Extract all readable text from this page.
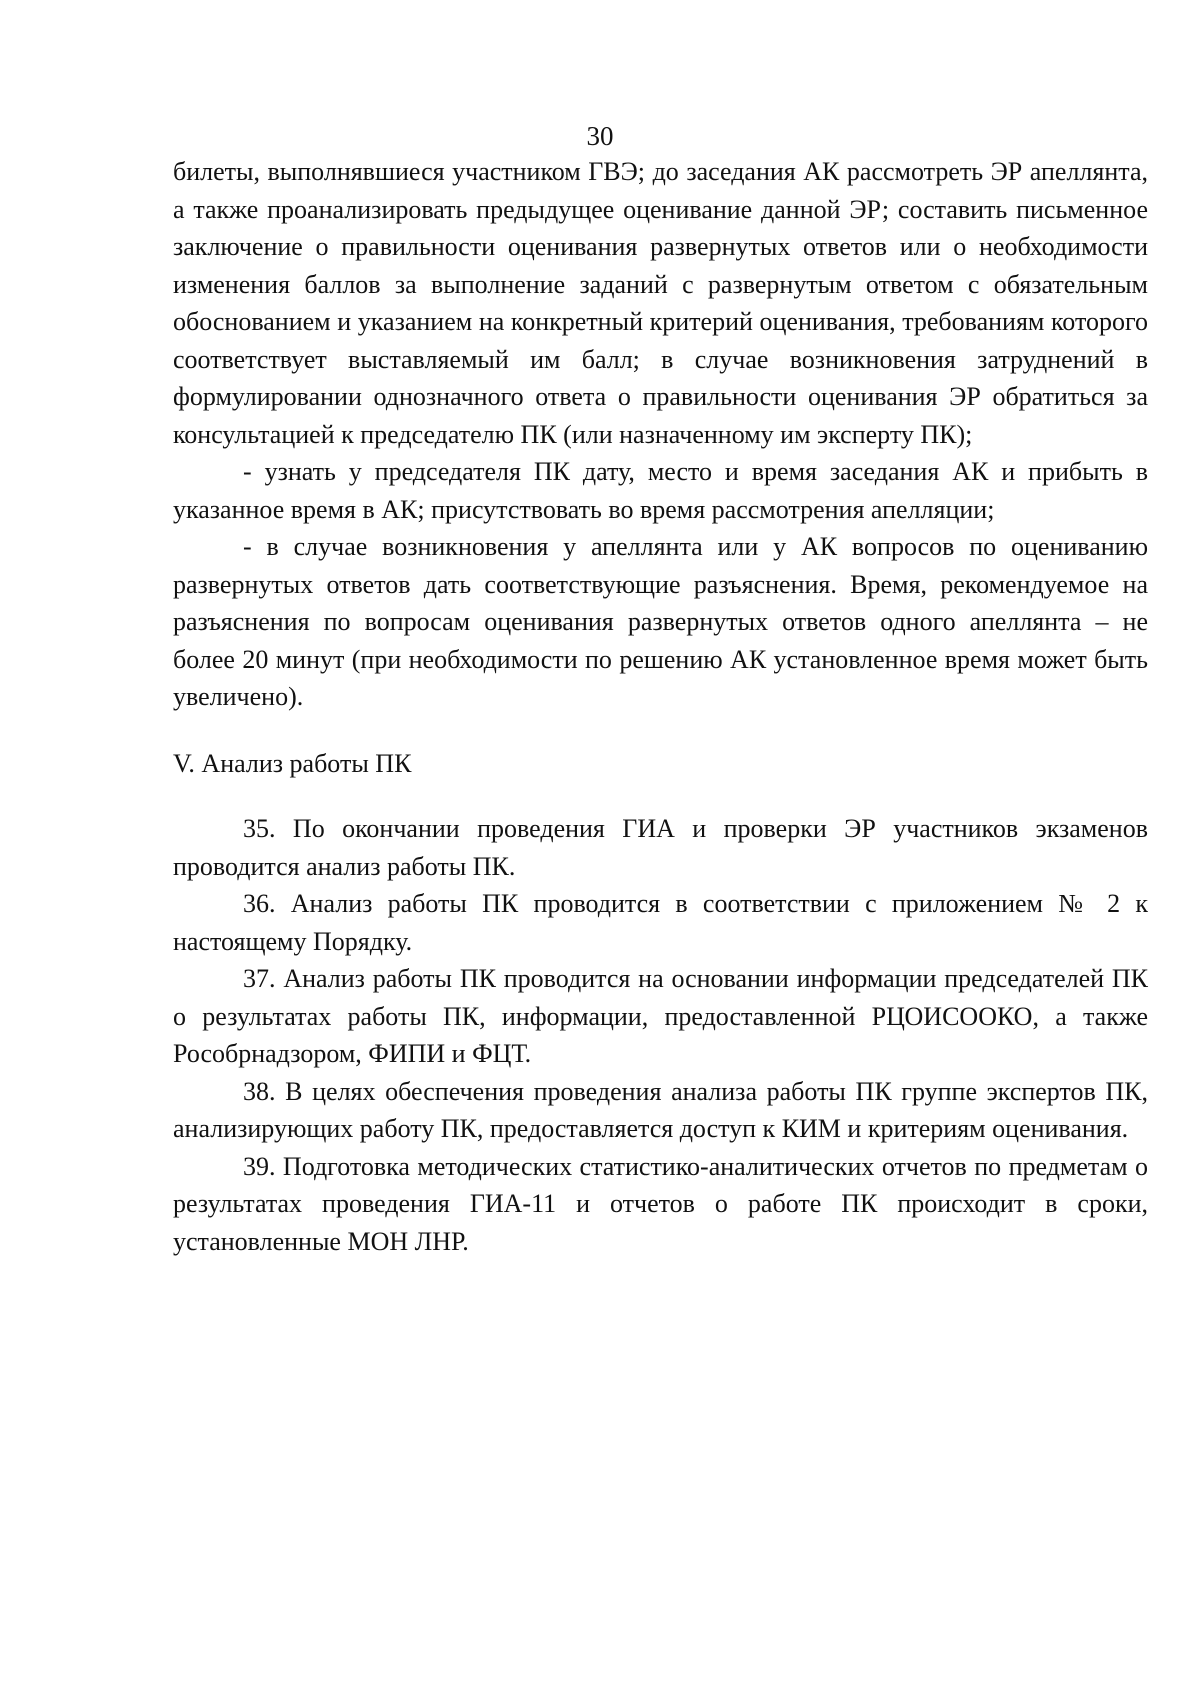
30

билеты, выполнявшиеся участником ГВЭ; до заседания АК рассмотреть ЭР апеллянта, а также проанализировать предыдущее оценивание данной ЭР; составить письменное заключение о правильности оценивания развернутых ответов или о необходимости изменения баллов за выполнение заданий с развернутым ответом с обязательным обоснованием и указанием на конкретный критерий оценивания, требованиям которого соответствует выставляемый им балл; в случае возникновения затруднений в формулировании однозначного ответа о правильности оценивания ЭР обратиться за консультацией к председателю ПК (или назначенному им эксперту ПК);

- узнать у председателя ПК дату, место и время заседания АК и прибыть в указанное время в АК; присутствовать во время рассмотрения апелляции;

- в случае возникновения у апеллянта или у АК вопросов по оцениванию развернутых ответов дать соответствующие разъяснения. Время, рекомендуемое на разъяснения по вопросам оценивания развернутых ответов одного апеллянта – не более 20 минут (при необходимости по решению АК установленное время может быть увеличено).

V. Анализ работы ПК

35. По окончании проведения ГИА и проверки ЭР участников экзаменов проводится анализ работы ПК.

36. Анализ работы ПК проводится в соответствии с приложением № 2 к настоящему Порядку.

37. Анализ работы ПК проводится на основании информации председателей ПК о результатах работы ПК, информации, предоставленной РЦОИСООКО, а также Рособрнадзором, ФИПИ и ФЦТ.

38. В целях обеспечения проведения анализа работы ПК группе экспертов ПК, анализирующих работу ПК, предоставляется доступ к КИМ и критериям оценивания.

39. Подготовка методических статистико-аналитических отчетов по предметам о результатах проведения ГИА-11 и отчетов о работе ПК происходит в сроки, установленные МОН ЛНР.
